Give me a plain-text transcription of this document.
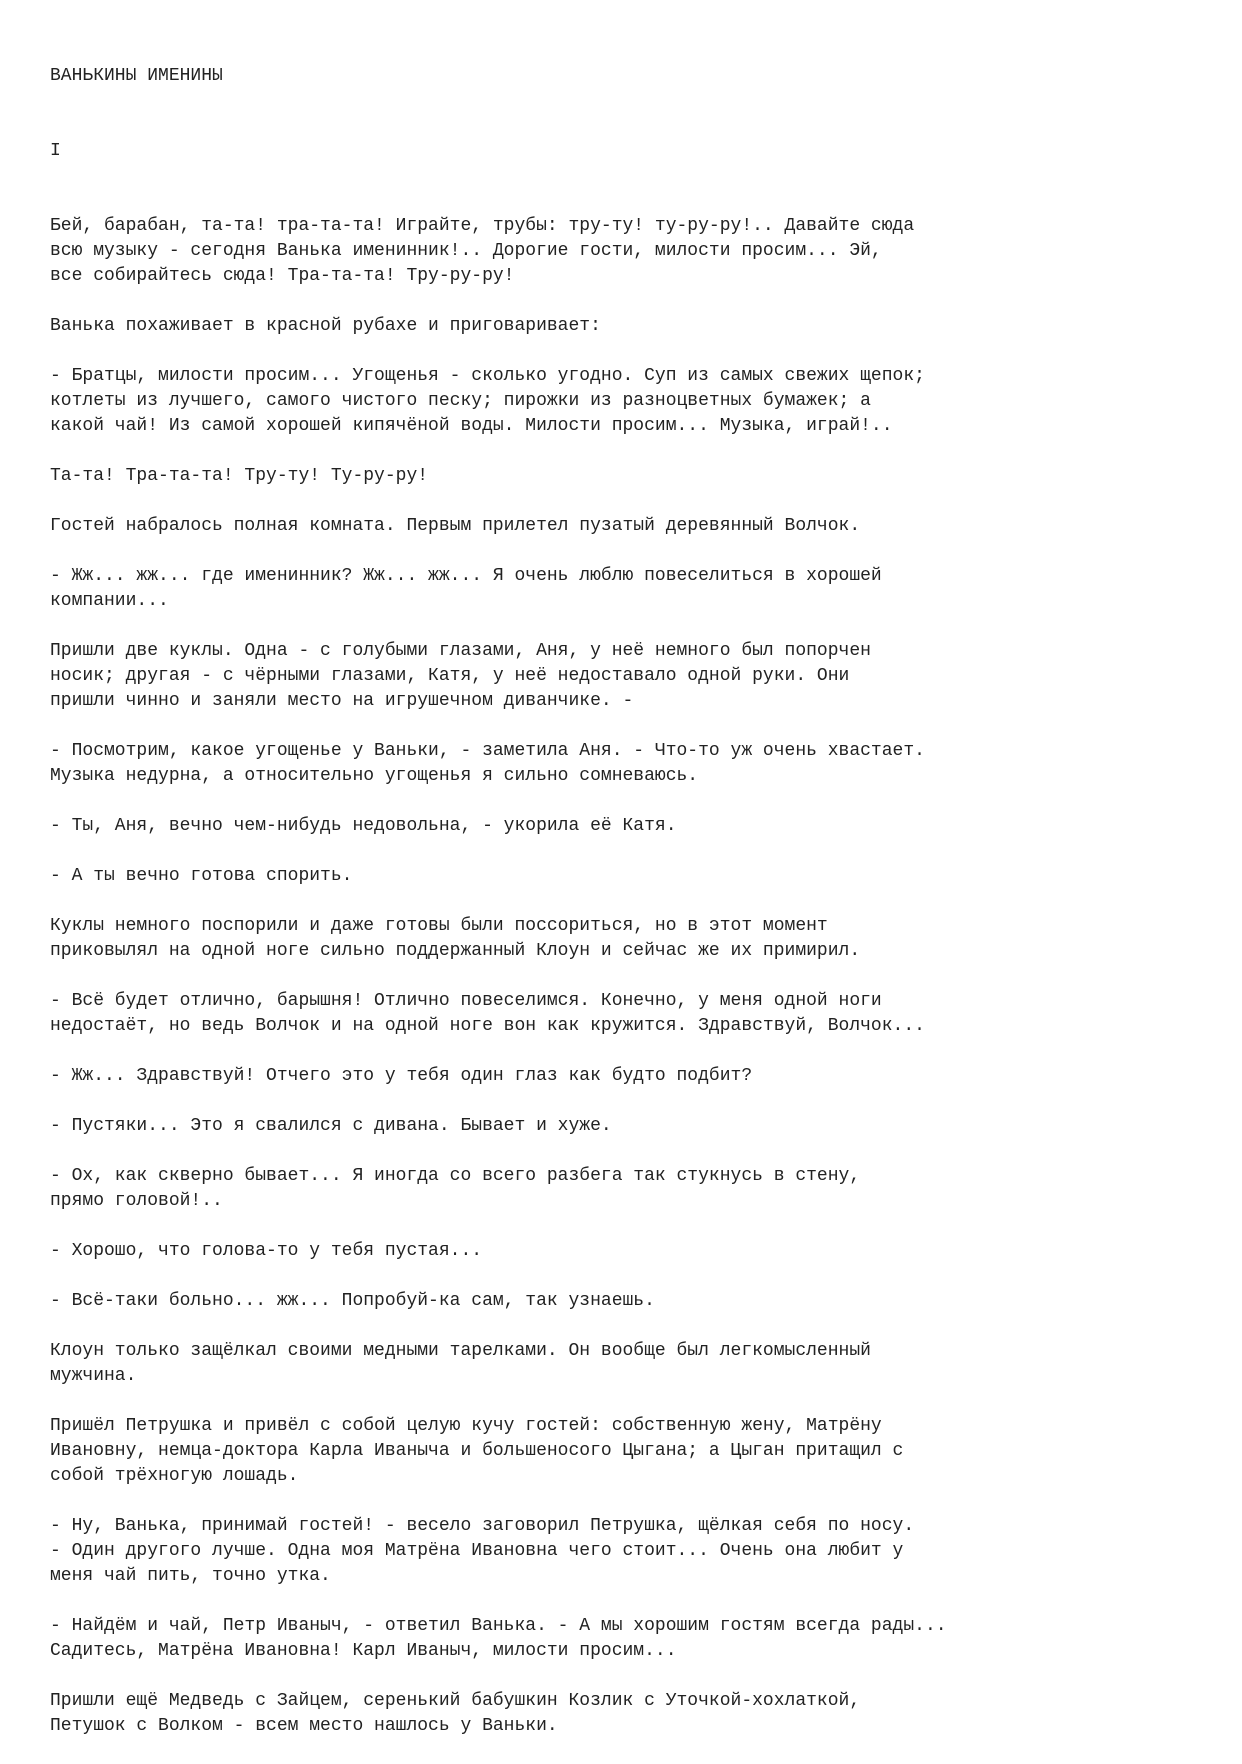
ВАНЬКИНЫ ИМЕНИНЫ
I
Бей, барабан, та-та! тра-та-та! Играйте, трубы: тру-ту! ту-ру-ру!.. Давайте сюда
всю музыку - сегодня Ванька именинник!.. Дорогие гости, милости просим... Эй,
все собирайтесь сюда! Тра-та-та! Тру-ру-ру!
Ванька похаживает в красной рубахе и приговаривает:
- Братцы, милости просим... Угощенья - сколько угодно. Суп из самых свежих щепок;
котлеты из лучшего, самого чистого песку; пирожки из разноцветных бумажек; а
какой чай! Из самой хорошей кипячёной воды. Милости просим... Музыка, играй!..
Та-та! Тра-та-та! Тру-ту! Ту-ру-ру!
Гостей набралось полная комната. Первым прилетел пузатый деревянный Волчок.
- Жж... жж... где именинник? Жж... жж... Я очень люблю повеселиться в хорошей
компании...
Пришли две куклы. Одна - с голубыми глазами, Аня, у неё немного был попорчен
носик; другая - с чёрными глазами, Катя, у неё недоставало одной руки. Они
пришли чинно и заняли место на игрушечном диванчике. -
- Посмотрим, какое угощенье у Ваньки, - заметила Аня. - Что-то уж очень хвастает.
Музыка недурна, а относительно угощенья я сильно сомневаюсь.
- Ты, Аня, вечно чем-нибудь недовольна, - укорила её Катя.
- А ты вечно готова спорить.
Куклы немного поспорили и даже готовы были поссориться, но в этот момент
приковылял на одной ноге сильно поддержанный Клоун и сейчас же их примирил.
- Всё будет отлично, барышня! Отлично повеселимся. Конечно, у меня одной ноги
недостаёт, но ведь Волчок и на одной ноге вон как кружится. Здравствуй, Волчок...
- Жж... Здравствуй! Отчего это у тебя один глаз как будто подбит?
- Пустяки... Это я свалился с дивана. Бывает и хуже.
- Ох, как скверно бывает... Я иногда со всего разбега так стукнусь в стену,
прямо головой!..
- Хорошо, что голова-то у тебя пустая...
- Всё-таки больно... жж... Попробуй-ка сам, так узнаешь.
Клоун только защёлкал своими медными тарелками. Он вообще был легкомысленный
мужчина.
Пришёл Петрушка и привёл с собой целую кучу гостей: собственную жену, Матрёну
Ивановну, немца-доктора Карла Иваныча и большеносого Цыгана; а Цыган притащил с
собой трёхногую лошадь.
- Ну, Ванька, принимай гостей! - весело заговорил Петрушка, щёлкая себя по носу.
- Один другого лучше. Одна моя Матрёна Ивановна чего стоит... Очень она любит у
меня чай пить, точно утка.
- Найдём и чай, Петр Иваныч, - ответил Ванька. - А мы хорошим гостям всегда рады...
Садитесь, Матрёна Ивановна! Карл Иваныч, милости просим...
Пришли ещё Медведь с Зайцем, серенький бабушкин Козлик с Уточкой-хохлаткой,
Петушок с Волком - всем место нашлось у Ваньки.
